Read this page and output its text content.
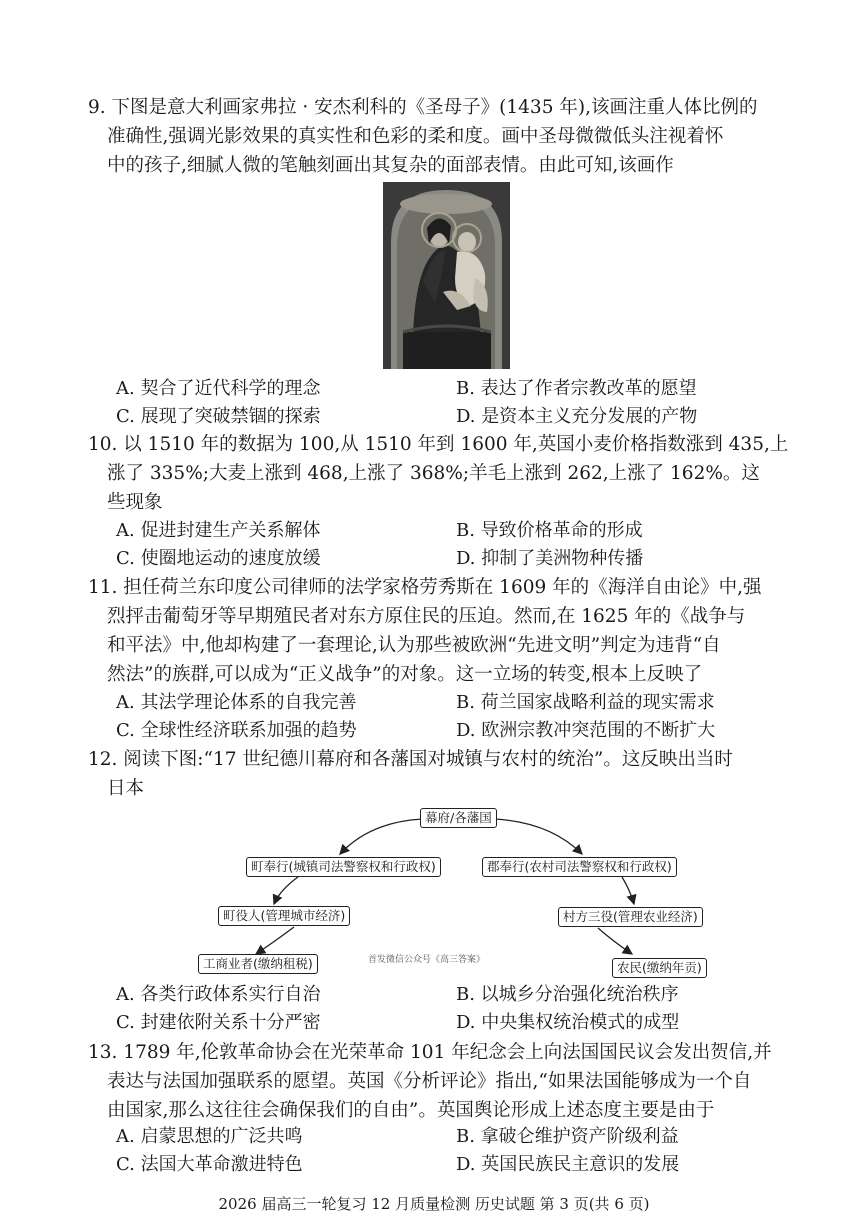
9. 下图是意大利画家弗拉 · 安杰利科的《圣母子》(1435 年),该画注重人体比例的
准确性,强调光影效果的真实性和色彩的柔和度。画中圣母微微低头注视着怀
中的孩子,细腻人微的笔触刻画出其复杂的面部表情。由此可知,该画作
A. 契合了近代科学的理念	B. 表达了作者宗教改革的愿望
C. 展现了突破禁锢的探索	D. 是资本主义充分发展的产物
10. 以 1510 年的数据为 100,从 1510 年到 1600 年,英国小麦价格指数涨到 435,上
涨了 335%;大麦上涨到 468,上涨了 368%;羊毛上涨到 262,上涨了 162%。这
些现象
A. 促进封建生产关系解体	B. 导致价格革命的形成
C. 使圈地运动的速度放缓	D. 抑制了美洲物种传播
11. 担任荷兰东印度公司律师的法学家格劳秀斯在 1609 年的《海洋自由论》中,强
烈抨击葡萄牙等早期殖民者对东方原住民的压迫。然而,在 1625 年的《战争与
和平法》中,他却构建了一套理论,认为那些被欧洲“先进文明”判定为违背“自
然法”的族群,可以成为“正义战争”的对象。这一立场的转变,根本上反映了
A. 其法学理论体系的自我完善	B. 荷兰国家战略利益的现实需求
C. 全球性经济联系加强的趋势	D. 欧洲宗教冲突范围的不断扩大
12. 阅读下图:“17 世纪德川幕府和各藩国对城镇与农村的统治”。这反映出当时
日本
幕府/各藩国
町奉行(城镇司法警察权和行政权)	郡奉行(农村司法警察权和行政权)
町役人(管理城市经济)	村方三役(管理农业经济)
工商业者(缴纳租税)	农民(缴纳年贡)
首发微信公众号《高三答案》
A. 各类行政体系实行自治	B. 以城乡分治强化统治秩序
C. 封建依附关系十分严密	D. 中央集权统治模式的成型
13. 1789 年,伦敦革命协会在光荣革命 101 年纪念会上向法国国民议会发出贺信,并
表达与法国加强联系的愿望。英国《分析评论》指出,“如果法国能够成为一个自
由国家,那么这往往会确保我们的自由”。英国舆论形成上述态度主要是由于
A. 启蒙思想的广泛共鸣	B. 拿破仑维护资产阶级利益
C. 法国大革命激进特色	D. 英国民族民主意识的发展
2026 届高三一轮复习 12 月质量检测 历史试题 第 3 页(共 6 页)
